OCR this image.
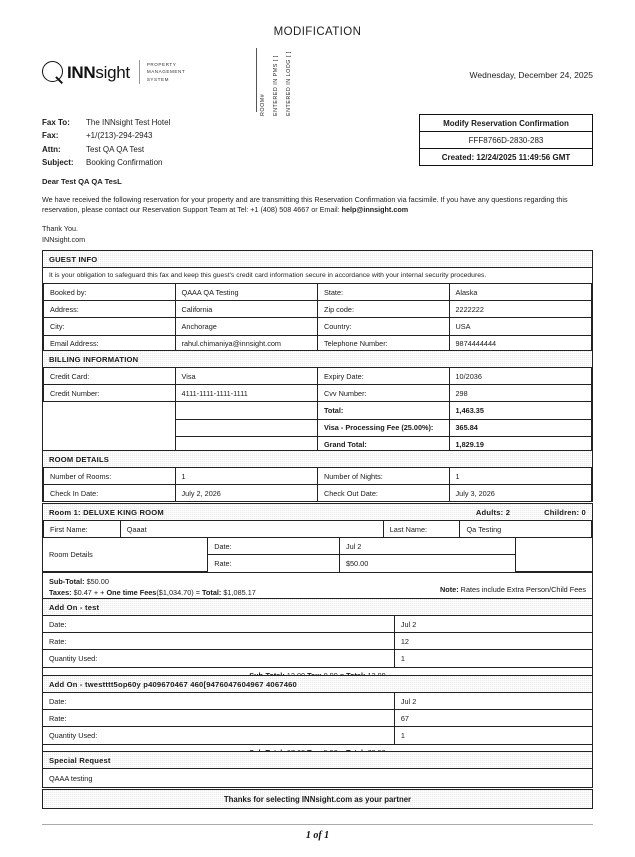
MODIFICATION
INNsight	PROPERTY
MANAGEMENT
SYSTEM
ROOM# ENTERED IN PMS [ ] ENTERED IN LODG [ ]	Wednesday, December 24, 2025
Fax To:	The INNsight Test Hotel
Fax:	+1/(213)-294-2943
Attn:	Test QA QA Test
Subject:	Booking Confirmation
Modify Reservation Confirmation
FFF8766D-2830-283
Created: 12/24/2025 11:49:56 GMT
Dear Test QA QA TesL

We have received the following reservation for your property and are transmitting this Reservation Confirmation via facsimile. If you have any questions regarding this reservation, please contact our Reservation Support Team at Tel: +1 (408) 508 4667 or Email: help@innsight.com

Thank You.
INNsight.com
GUEST INFO
It is your obligation to safeguard this fax and keep this guest's credit card information secure in accordance with your internal security procedures.
Booked by:	QAAA QA Testing	State:	Alaska
Address:	California	Zip code:	2222222
City:	Anchorage	Country:	USA
Email Address:	rahul.chimaniya@innsight.com	Telephone Number:	9874444444
BILLING INFORMATION
Credit Card:	Visa	Expiry Date:	10/2036
Credit Number:	4111-1111-1111-1111	Cvv Number:	298
		Total:	1,463.35
		Visa - Processing Fee (25.00%):	365.84
		Grand Total:	1,829.19
ROOM DETAILS
Number of Rooms:	1	Number of Nights:	1
Check In Date:	July 2, 2026	Check Out Date:	July 3, 2026
Room 1: DELUXE KING ROOM	Adults: 2	Children: 0
First Name:	Qaaat	Last Name:	Qa Testing
Room Details	Date:	Jul 2	
	Rate:	$50.00	
Sub-Total: $50.00
Taxes: $0.47 + + One time Fees($1,034.70) = Total: $1,085.17	Note: Rates include Extra Person/Child Fees
Add On - test
Date:	Jul 2
Rate:	12
Quantity Used:	1
Add On - twestttt5op60y p409670467 460[9476047604967 4067460
Date:	Jul 2
Rate:	67
Quantity Used:	1
Special Request
QAAA testing
Thanks for selecting INNsight.com as your partner
1 of 1
